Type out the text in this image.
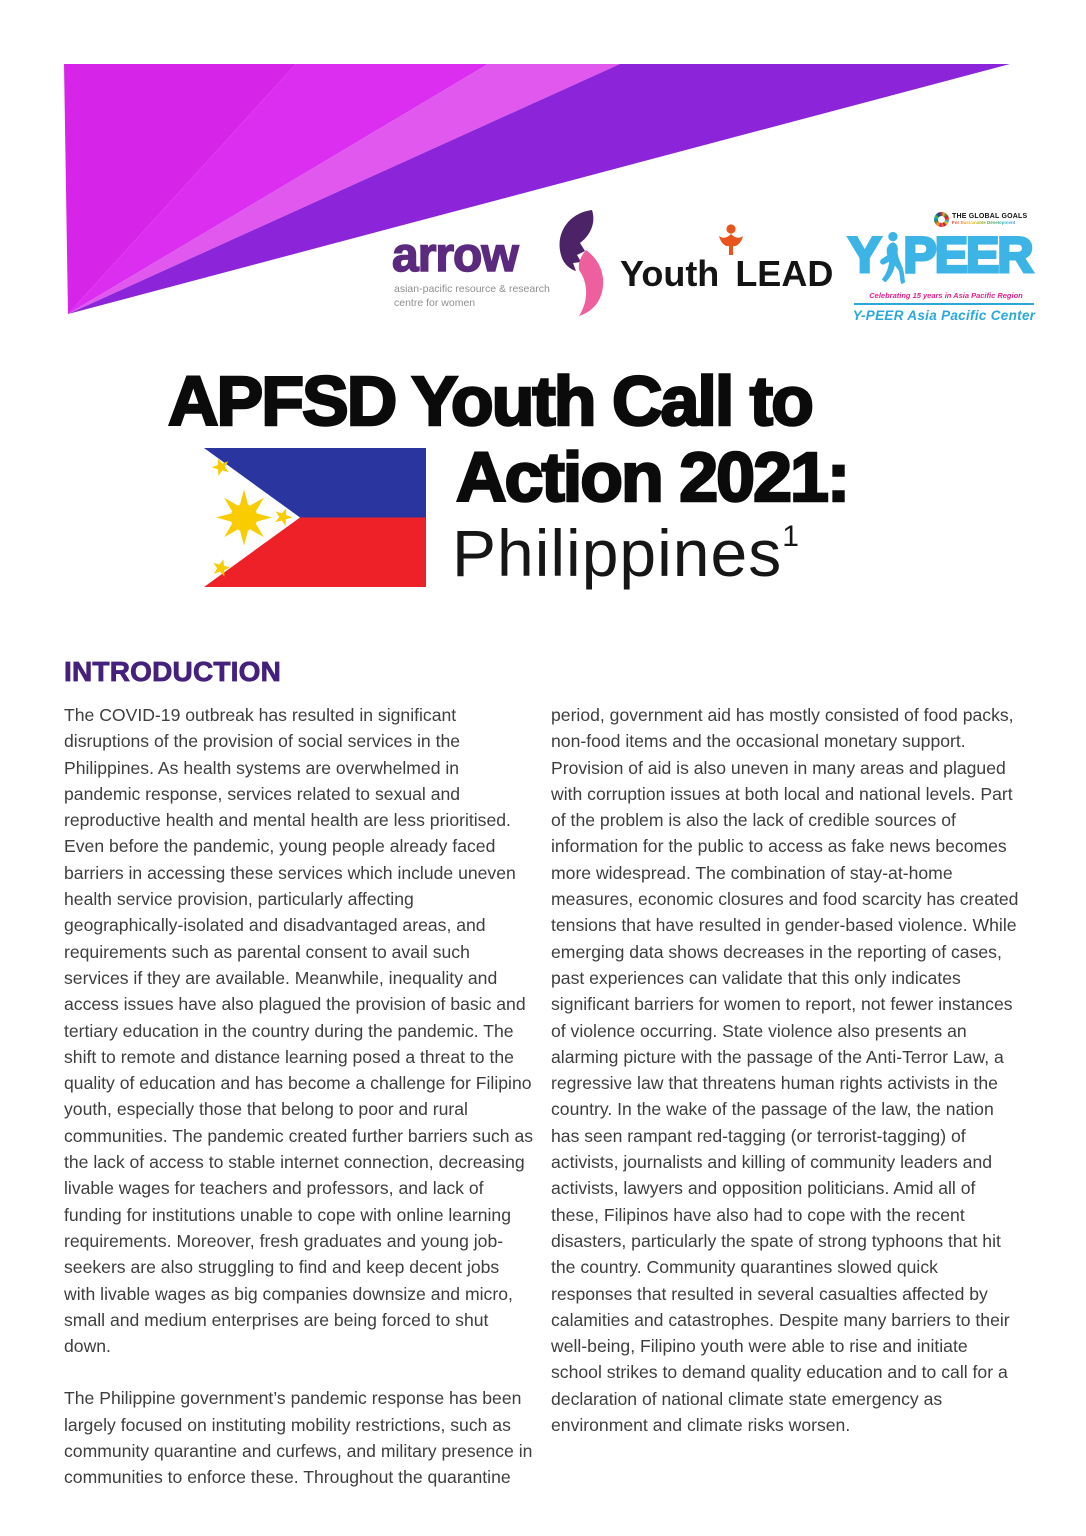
arrow
asian-pacific resource & research
centre for women
Youth LEAD
THE GLOBAL GOALS
For Sustainable Development
Y PEER
Celebrating 15 years in Asia Pacific Region
Y-PEER Asia Pacific Center
APFSD Youth Call to
Action 2021:
Philippines$^1$
INTRODUCTION

The COVID-19 outbreak has resulted in significant disruptions of the provision of social services in the Philippines. As health systems are overwhelmed in pandemic response, services related to sexual and reproductive health and mental health are less prioritised. Even before the pandemic, young people already faced barriers in accessing these services which include uneven health service provision, particularly affecting geographically-isolated and disadvantaged areas, and requirements such as parental consent to avail such services if they are available. Meanwhile, inequality and access issues have also plagued the provision of basic and tertiary education in the country during the pandemic. The shift to remote and distance learning posed a threat to the quality of education and has become a challenge for Filipino youth, especially those that belong to poor and rural communities. The pandemic created further barriers such as the lack of access to stable internet connection, decreasing livable wages for teachers and professors, and lack of funding for institutions unable to cope with online learning requirements. Moreover, fresh graduates and young job-seekers are also struggling to find and keep decent jobs with livable wages as big companies downsize and micro, small and medium enterprises are being forced to shut down.

The Philippine government’s pandemic response has been largely focused on instituting mobility restrictions, such as community quarantine and curfews, and military presence in communities to enforce these. Throughout the quarantine

period, government aid has mostly consisted of food packs, non-food items and the occasional monetary support. Provision of aid is also uneven in many areas and plagued with corruption issues at both local and national levels. Part of the problem is also the lack of credible sources of information for the public to access as fake news becomes more widespread. The combination of stay-at-home measures, economic closures and food scarcity has created tensions that have resulted in gender-based violence. While emerging data shows decreases in the reporting of cases, past experiences can validate that this only indicates significant barriers for women to report, not fewer instances of violence occurring. State violence also presents an alarming picture with the passage of the Anti-Terror Law, a regressive law that threatens human rights activists in the country. In the wake of the passage of the law, the nation has seen rampant red-tagging (or terrorist-tagging) of activists, journalists and killing of community leaders and activists, lawyers and opposition politicians. Amid all of these, Filipinos have also had to cope with the recent disasters, particularly the spate of strong typhoons that hit the country. Community quarantines slowed quick responses that resulted in several casualties affected by calamities and catastrophes. Despite many barriers to their well-being, Filipino youth were able to rise and initiate school strikes to demand quality education and to call for a declaration of national climate state emergency as environment and climate risks worsen.
